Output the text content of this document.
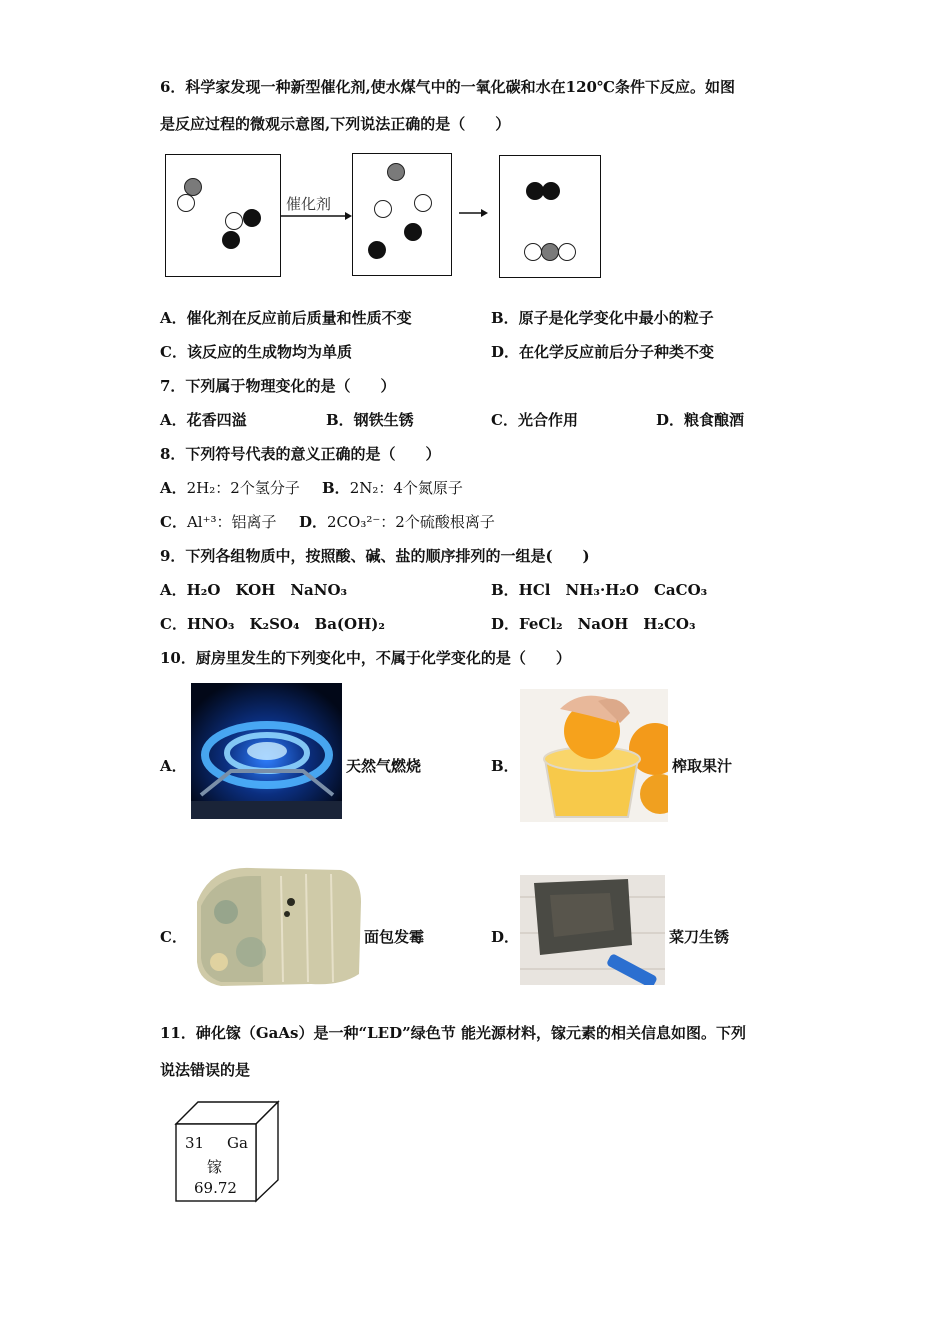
6．科学家发现一种新型催化剂,使水煤气中的一氧化碳和水在120℃条件下反应。如图
是反应过程的微观示意图,下列说法正确的是（　　）
催化剂
A．催化剂在反应前后质量和性质不变	B．原子是化学变化中最小的粒子
C．该反应的生成物均为单质	D．在化学反应前后分子种类不变
7．下列属于物理变化的是（　　）
A．花香四溢	B．钢铁生锈	C．光合作用	D．粮食酿酒
8．下列符号代表的意义正确的是（　　）
A．2H₂：2个氢分子 B．2N₂：4个氮原子
C．Al⁺³：铝离子 D．2CO₃²⁻：2个硫酸根离子
9．下列各组物质中，按照酸、碱、盐的顺序排列的一组是(　　)
A．H₂O　KOH　NaNO₃	B．HCl　NH₃·H₂O　CaCO₃
C．HNO₃　K₂SO₄　Ba(OH)₂	D．FeCl₂　NaOH　H₂CO₃
10．厨房里发生的下列变化中，不属于化学变化的是（　　）
A．	天然气燃烧	B．	榨取果汁
C．	面包发霉	D．	菜刀生锈
11．砷化镓（GaAs）是一种“LED”绿色节 能光源材料，镓元素的相关信息如图。下列
说法错误的是
31 Ga
镓
69.72
